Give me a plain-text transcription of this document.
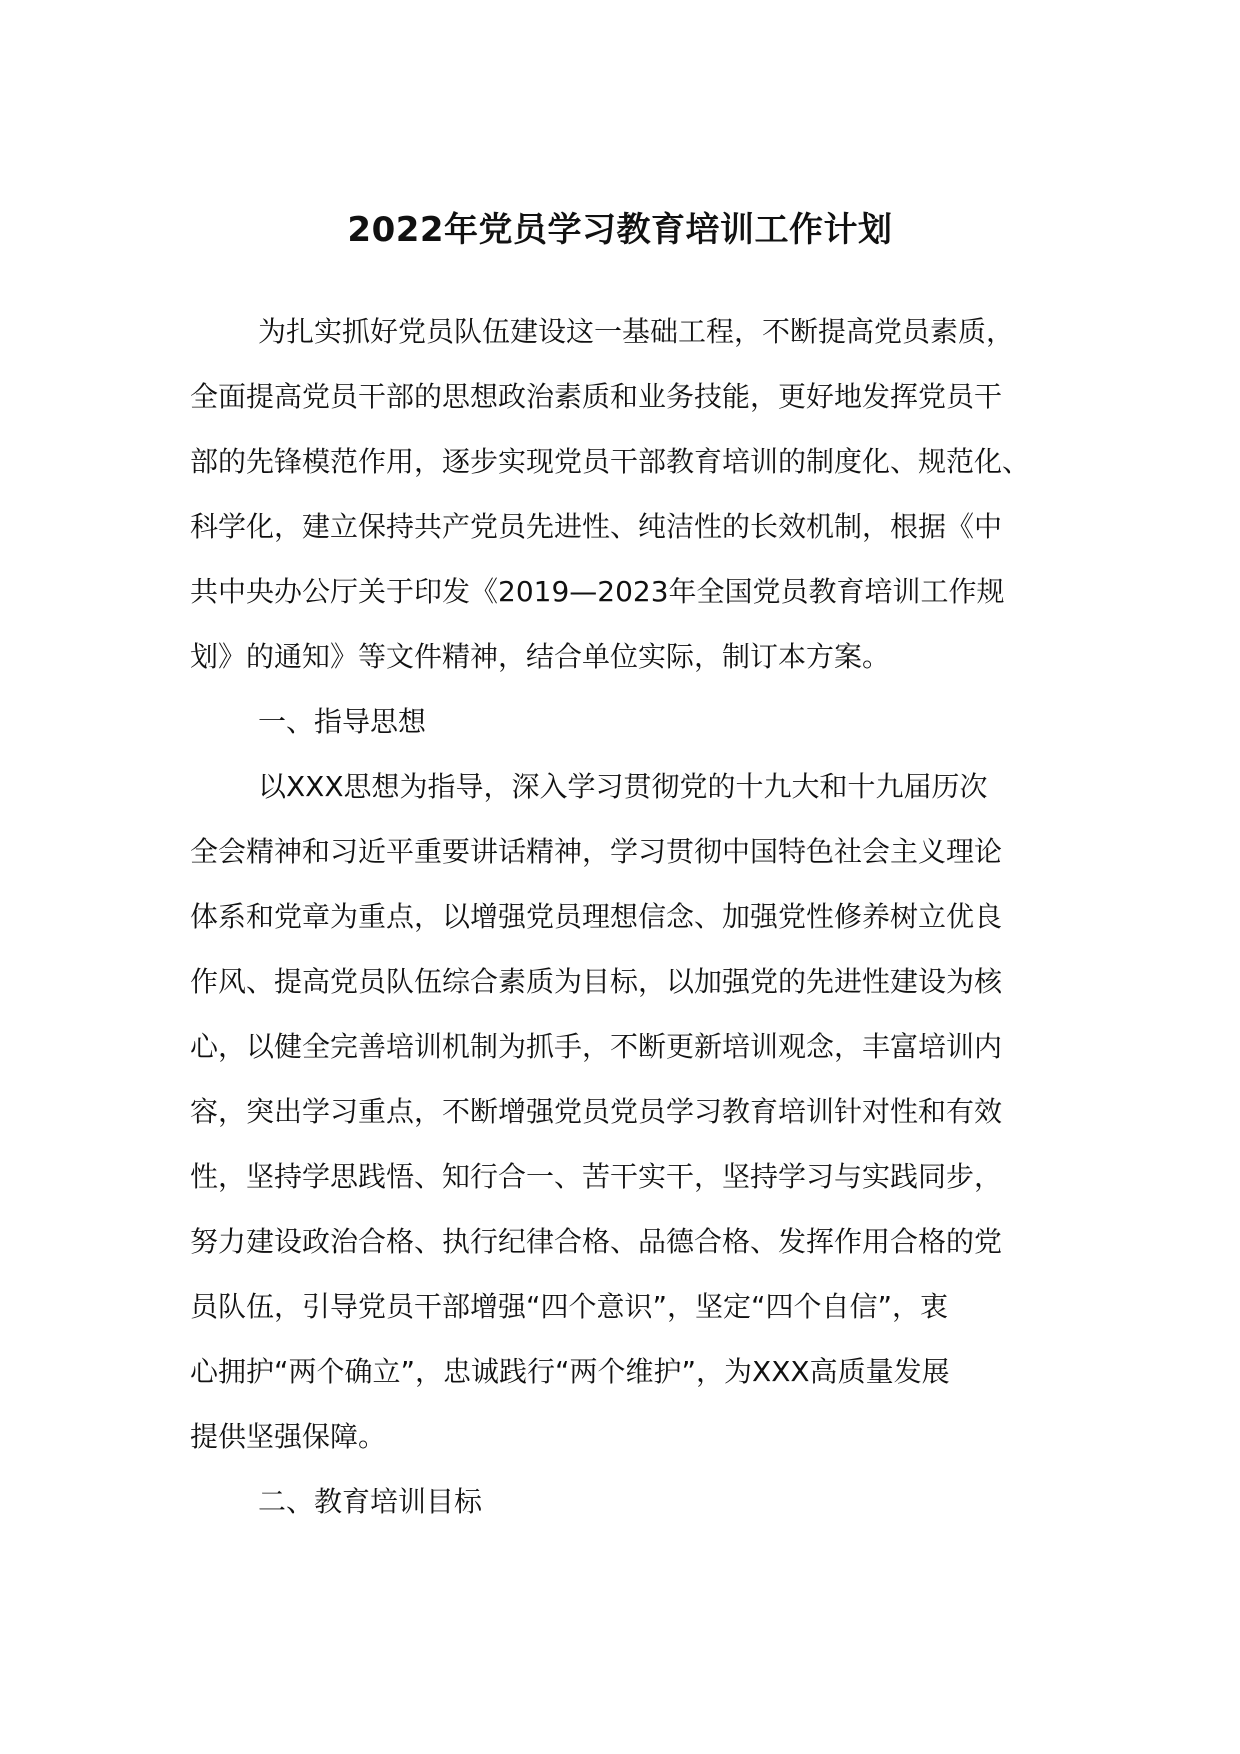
2022年党员学习教育培训工作计划
为扎实抓好党员队伍建设这一基础工程，不断提高党员素质，
全面提高党员干部的思想政治素质和业务技能，更好地发挥党员干
部的先锋模范作用，逐步实现党员干部教育培训的制度化、规范化、
科学化，建立保持共产党员先进性、纯洁性的长效机制，根据《中
共中央办公厅关于印发《2019—2023年全国党员教育培训工作规
划》的通知》等文件精神，结合单位实际，制订本方案。
一、指导思想
以XXX思想为指导，深入学习贯彻党的十九大和十九届历次
全会精神和习近平重要讲话精神，学习贯彻中国特色社会主义理论
体系和党章为重点，以增强党员理想信念、加强党性修养树立优良
作风、提高党员队伍综合素质为目标，以加强党的先进性建设为核
心，以健全完善培训机制为抓手，不断更新培训观念，丰富培训内
容，突出学习重点，不断增强党员党员学习教育培训针对性和有效
性，坚持学思践悟、知行合一、苦干实干，坚持学习与实践同步，
努力建设政治合格、执行纪律合格、品德合格、发挥作用合格的党
员队伍，引导党员干部增强“四个意识”，坚定“四个自信”，衷
心拥护“两个确立”，忠诚践行“两个维护”，为XXX高质量发展
提供坚强保障。
二、教育培训目标
